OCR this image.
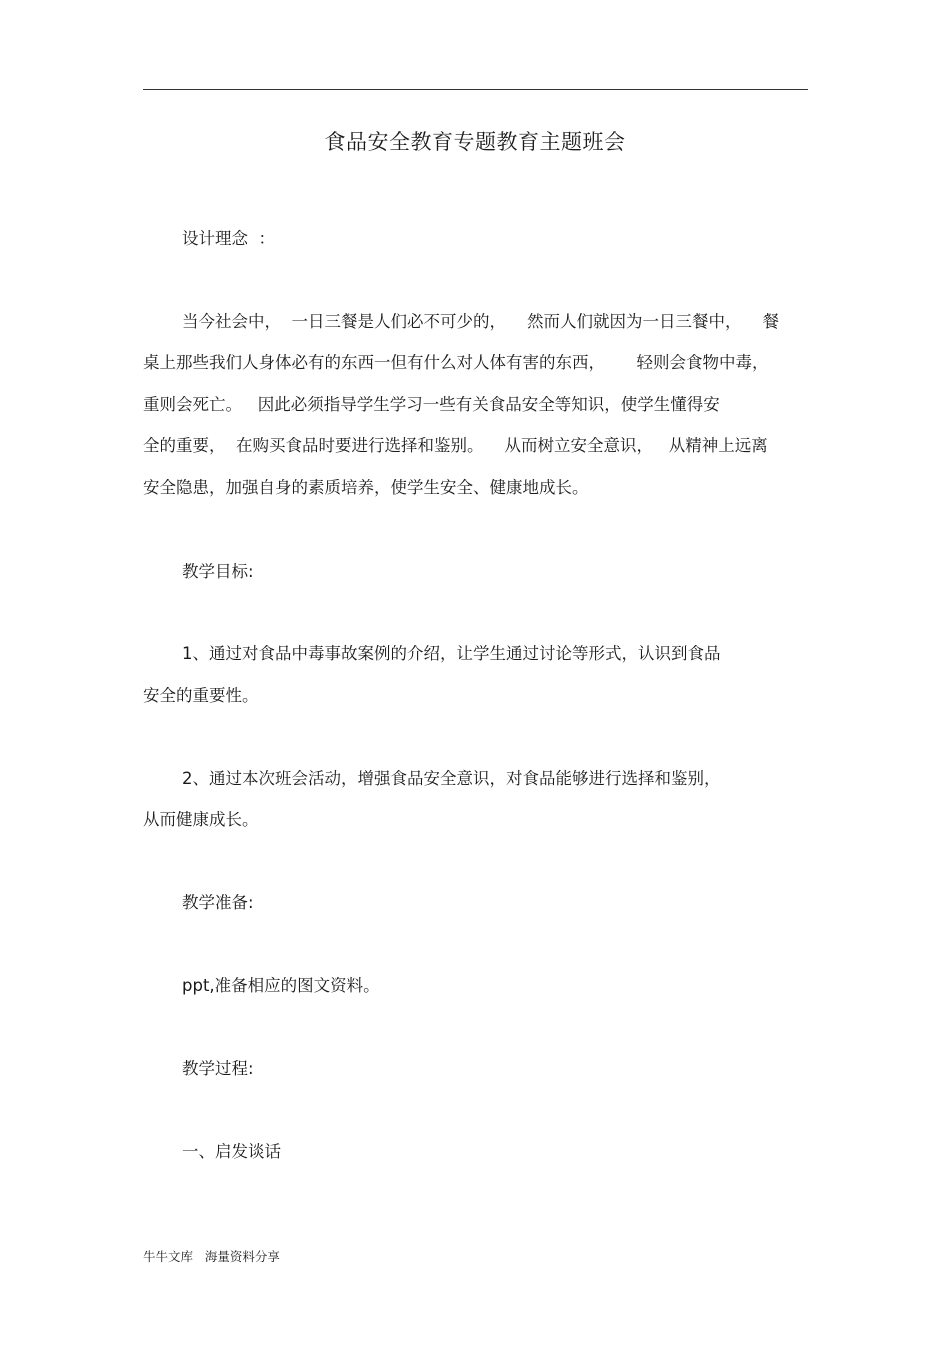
食品安全教育专题教育主题班会
设计理念  ：
当今社会中，  一日三餐是人们必不可少的，    然而人们就因为一日三餐中，    餐
桌上那些我们人身体必有的东西一但有什么对人体有害的东西，      轻则会食物中毒，
重则会死亡。   因此必须指导学生学习一些有关食品安全等知识，使学生懂得安
全的重要，  在购买食品时要进行选择和鉴别。    从而树立安全意识，   从精神上远离
安全隐患，加强自身的素质培养，使学生安全、健康地成长。
教学目标:
1、通过对食品中毒事故案例的介绍，让学生通过讨论等形式，认识到食品
安全的重要性。
2、通过本次班会活动，增强食品安全意识，对食品能够进行选择和鉴别，
从而健康成长。
教学准备:
ppt,准备相应的图文资料。
教学过程:
一、启发谈话
牛牛文库   海量资料分享
